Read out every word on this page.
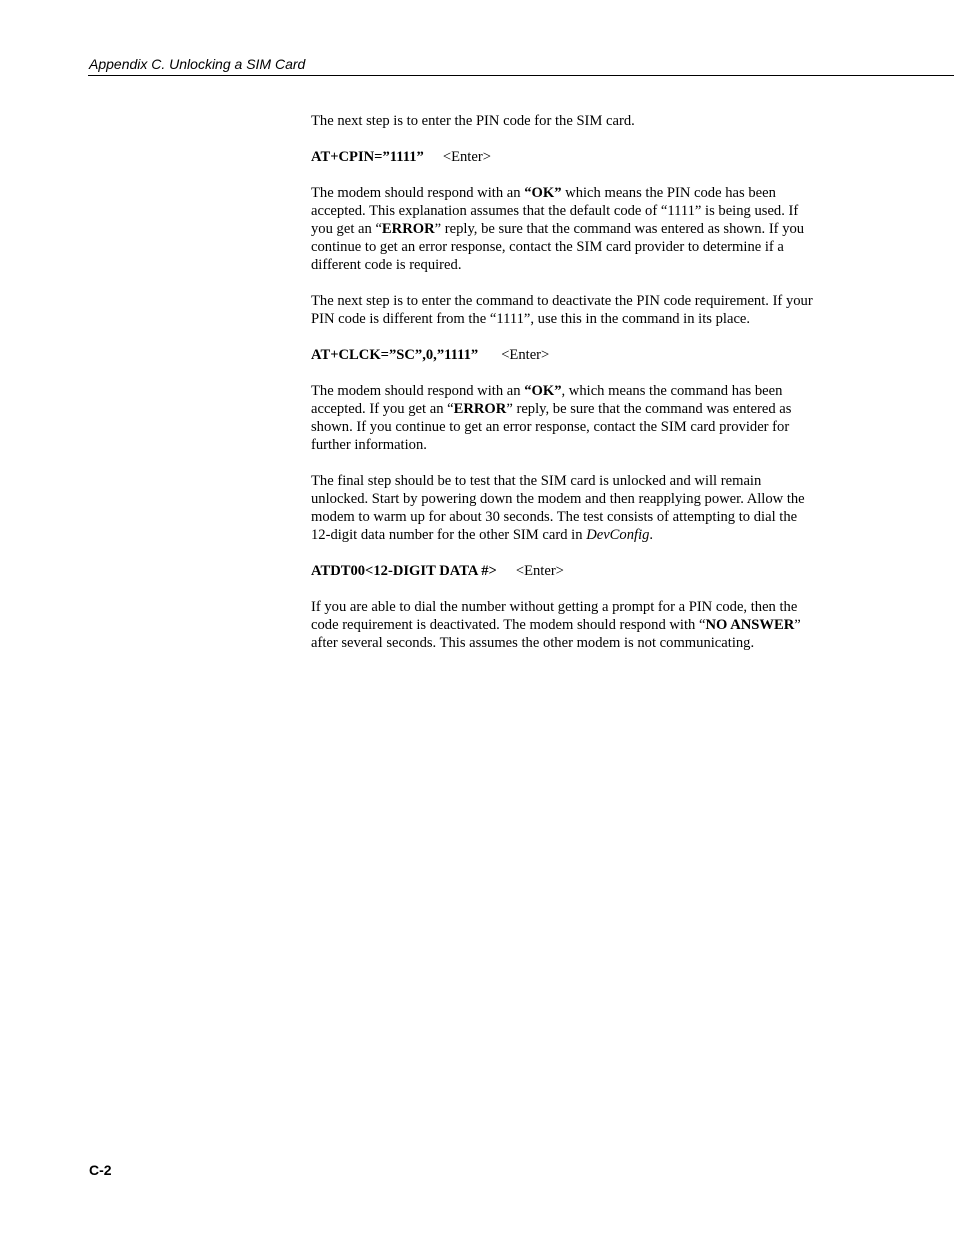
Appendix C. Unlocking a SIM Card

The next step is to enter the PIN code for the SIM card.

AT+CPIN=”1111” <Enter>

The modem should respond with an “OK” which means the PIN code has been accepted. This explanation assumes that the default code of “1111” is being used. If you get an “ERROR” reply, be sure that the command was entered as shown. If you continue to get an error response, contact the SIM card provider to determine if a different code is required.

The next step is to enter the command to deactivate the PIN code requirement. If your PIN code is different from the “1111”, use this in the command in its place.

AT+CLCK=”SC”,0,”1111” <Enter>

The modem should respond with an “OK”, which means the command has been accepted. If you get an “ERROR” reply, be sure that the command was entered as shown. If you continue to get an error response, contact the SIM card provider for further information.

The final step should be to test that the SIM card is unlocked and will remain unlocked. Start by powering down the modem and then reapplying power. Allow the modem to warm up for about 30 seconds. The test consists of attempting to dial the 12-digit data number for the other SIM card in DevConfig.

ATDT00<12-DIGIT DATA #> <Enter>

If you are able to dial the number without getting a prompt for a PIN code, then the code requirement is deactivated. The modem should respond with “NO ANSWER” after several seconds. This assumes the other modem is not communicating.

C-2
